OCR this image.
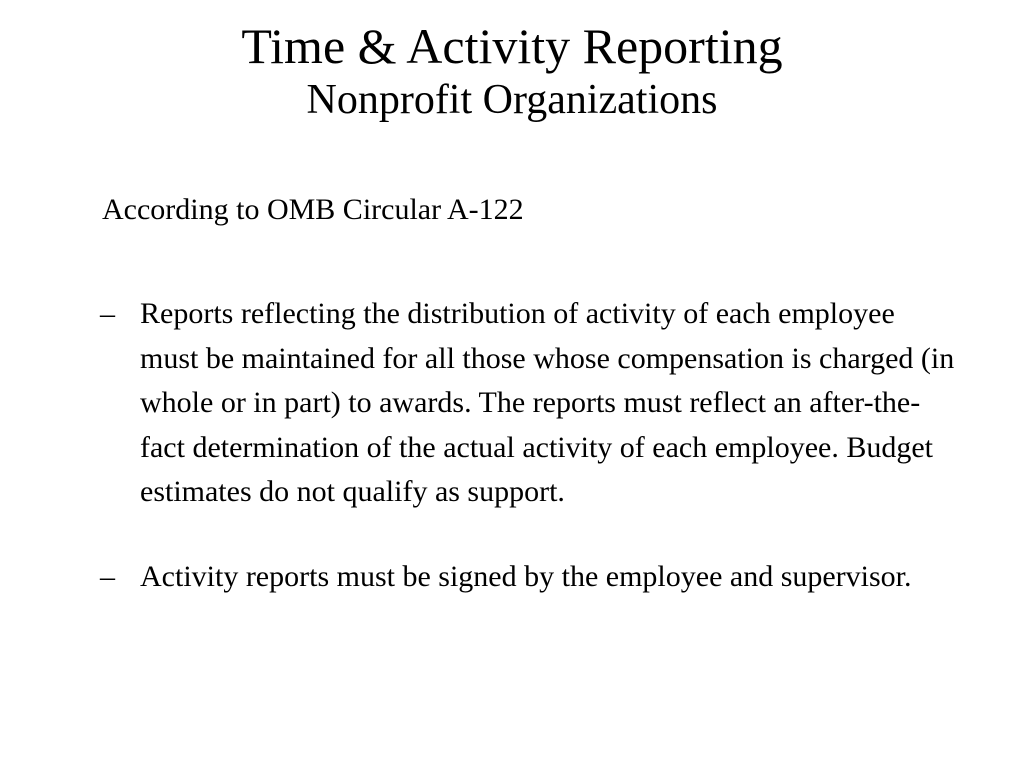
Time & Activity Reporting
Nonprofit Organizations

According to OMB Circular A-122

– Reports reflecting the distribution of activity of each employee must be maintained for all those whose compensation is charged (in whole or in part) to awards. The reports must reflect an after-the-fact determination of the actual activity of each employee. Budget estimates do not qualify as support.
– Activity reports must be signed by the employee and supervisor.
